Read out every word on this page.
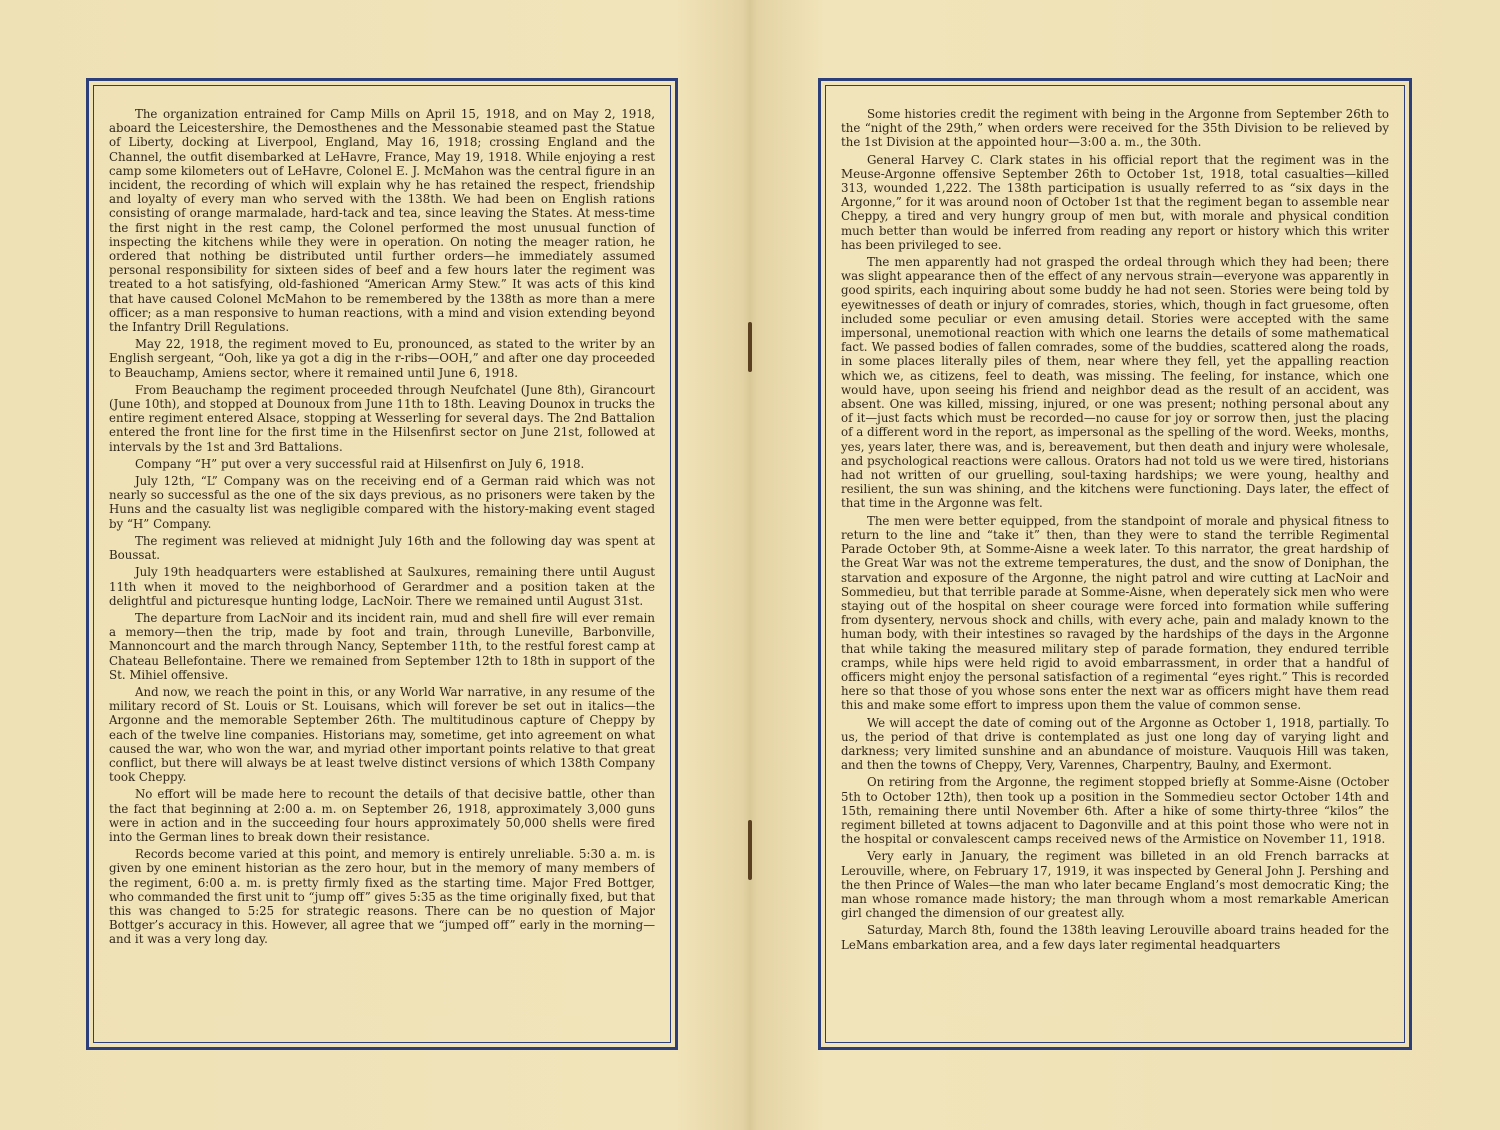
The organization entrained for Camp Mills on April 15, 1918, and on May 2, 1918, aboard the Leicestershire, the Demosthenes and the Messonabie steamed past the Statue of Liberty, docking at Liverpool, England, May 16, 1918; crossing England and the Channel, the outfit disembarked at LeHavre, France, May 19, 1918. While enjoying a rest camp some kilometers out of LeHavre, Colonel E. J. McMahon was the central figure in an incident, the recording of which will explain why he has retained the respect, friendship and loyalty of every man who served with the 138th. We had been on English rations consisting of orange marmalade, hard-tack and tea, since leaving the States. At mess-time the first night in the rest camp, the Colonel performed the most unusual function of inspecting the kitchens while they were in operation. On noting the meager ration, he ordered that nothing be distributed until further orders—he immediately assumed personal responsibility for sixteen sides of beef and a few hours later the regiment was treated to a hot satisfying, old-fashioned “American Army Stew.” It was acts of this kind that have caused Colonel McMahon to be remembered by the 138th as more than a mere officer; as a man responsive to human reactions, with a mind and vision extending beyond the Infantry Drill Regulations.

May 22, 1918, the regiment moved to Eu, pronounced, as stated to the writer by an English sergeant, “Ooh, like ya got a dig in the r-ribs—OOH,” and after one day proceeded to Beauchamp, Amiens sector, where it remained until June 6, 1918.

From Beauchamp the regiment proceeded through Neufchatel (June 8th), Girancourt (June 10th), and stopped at Dounoux from June 11th to 18th. Leaving Dounox in trucks the entire regiment entered Alsace, stopping at Wesserling for several days. The 2nd Battalion entered the front line for the first time in the Hilsenfirst sector on June 21st, followed at intervals by the 1st and 3rd Battalions.

Company “H” put over a very successful raid at Hilsenfirst on July 6, 1918.

July 12th, “L” Company was on the receiving end of a German raid which was not nearly so successful as the one of the six days previous, as no prisoners were taken by the Huns and the casualty list was negligible compared with the history-making event staged by “H” Company.

The regiment was relieved at midnight July 16th and the following day was spent at Boussat.

July 19th headquarters were established at Saulxures, remaining there until August 11th when it moved to the neighborhood of Gerardmer and a position taken at the delightful and picturesque hunting lodge, LacNoir. There we remained until August 31st.

The departure from LacNoir and its incident rain, mud and shell fire will ever remain a memory—then the trip, made by foot and train, through Luneville, Barbonville, Mannoncourt and the march through Nancy, September 11th, to the restful forest camp at Chateau Bellefontaine. There we remained from September 12th to 18th in support of the St. Mihiel offensive.

And now, we reach the point in this, or any World War narrative, in any resume of the military record of St. Louis or St. Louisans, which will forever be set out in italics—the Argonne and the memorable September 26th. The multitudinous capture of Cheppy by each of the twelve line companies. Historians may, sometime, get into agreement on what caused the war, who won the war, and myriad other important points relative to that great conflict, but there will always be at least twelve distinct versions of which 138th Company took Cheppy.

No effort will be made here to recount the details of that decisive battle, other than the fact that beginning at 2:00 a. m. on September 26, 1918, approximately 3,000 guns were in action and in the succeeding four hours approximately 50,000 shells were fired into the German lines to break down their resistance.

Records become varied at this point, and memory is entirely unreliable. 5:30 a. m. is given by one eminent historian as the zero hour, but in the memory of many members of the regiment, 6:00 a. m. is pretty firmly fixed as the starting time. Major Fred Bottger, who commanded the first unit to “jump off” gives 5:35 as the time originally fixed, but that this was changed to 5:25 for strategic reasons. There can be no question of Major Bottger’s accuracy in this. However, all agree that we “jumped off” early in the morning—and it was a very long day.

Some histories credit the regiment with being in the Argonne from September 26th to the “night of the 29th,” when orders were received for the 35th Division to be relieved by the 1st Division at the appointed hour—3:00 a. m., the 30th.

General Harvey C. Clark states in his official report that the regiment was in the Meuse-Argonne offensive September 26th to October 1st, 1918, total casualties—killed 313, wounded 1,222. The 138th participation is usually referred to as “six days in the Argonne,” for it was around noon of October 1st that the regiment began to assemble near Cheppy, a tired and very hungry group of men but, with morale and physical condition much better than would be inferred from reading any report or history which this writer has been privileged to see.

The men apparently had not grasped the ordeal through which they had been; there was slight appearance then of the effect of any nervous strain—everyone was apparently in good spirits, each inquiring about some buddy he had not seen. Stories were being told by eyewitnesses of death or injury of comrades, stories, which, though in fact gruesome, often included some peculiar or even amusing detail. Stories were accepted with the same impersonal, unemotional reaction with which one learns the details of some mathematical fact. We passed bodies of fallen comrades, some of the buddies, scattered along the roads, in some places literally piles of them, near where they fell, yet the appalling reaction which we, as citizens, feel to death, was missing. The feeling, for instance, which one would have, upon seeing his friend and neighbor dead as the result of an accident, was absent. One was killed, missing, injured, or one was present; nothing personal about any of it—just facts which must be recorded—no cause for joy or sorrow then, just the placing of a different word in the report, as impersonal as the spelling of the word. Weeks, months, yes, years later, there was, and is, bereavement, but then death and injury were wholesale, and psychological reactions were callous. Orators had not told us we were tired, historians had not written of our gruelling, soul-taxing hardships; we were young, healthy and resilient, the sun was shining, and the kitchens were functioning. Days later, the effect of that time in the Argonne was felt.

The men were better equipped, from the standpoint of morale and physical fitness to return to the line and “take it” then, than they were to stand the terrible Regimental Parade October 9th, at Somme-Aisne a week later. To this narrator, the great hardship of the Great War was not the extreme temperatures, the dust, and the snow of Doniphan, the starvation and exposure of the Argonne, the night patrol and wire cutting at LacNoir and Sommedieu, but that terrible parade at Somme-Aisne, when deperately sick men who were staying out of the hospital on sheer courage were forced into formation while suffering from dysentery, nervous shock and chills, with every ache, pain and malady known to the human body, with their intestines so ravaged by the hardships of the days in the Argonne that while taking the measured military step of parade formation, they endured terrible cramps, while hips were held rigid to avoid embarrassment, in order that a handful of officers might enjoy the personal satisfaction of a regimental “eyes right.” This is recorded here so that those of you whose sons enter the next war as officers might have them read this and make some effort to impress upon them the value of common sense.

We will accept the date of coming out of the Argonne as October 1, 1918, partially. To us, the period of that drive is contemplated as just one long day of varying light and darkness; very limited sunshine and an abundance of moisture. Vauquois Hill was taken, and then the towns of Cheppy, Very, Varennes, Charpentry, Baulny, and Exermont.

On retiring from the Argonne, the regiment stopped briefly at Somme-Aisne (October 5th to October 12th), then took up a position in the Sommedieu sector October 14th and 15th, remaining there until November 6th. After a hike of some thirty-three “kilos” the regiment billeted at towns adjacent to Dagonville and at this point those who were not in the hospital or convalescent camps received news of the Armistice on November 11, 1918.

Very early in January, the regiment was billeted in an old French barracks at Lerouville, where, on February 17, 1919, it was inspected by General John J. Pershing and the then Prince of Wales—the man who later became England’s most democratic King; the man whose romance made history; the man through whom a most remarkable American girl changed the dimension of our greatest ally.

Saturday, March 8th, found the 138th leaving Lerouville aboard trains headed for the LeMans embarkation area, and a few days later regimental headquarters
